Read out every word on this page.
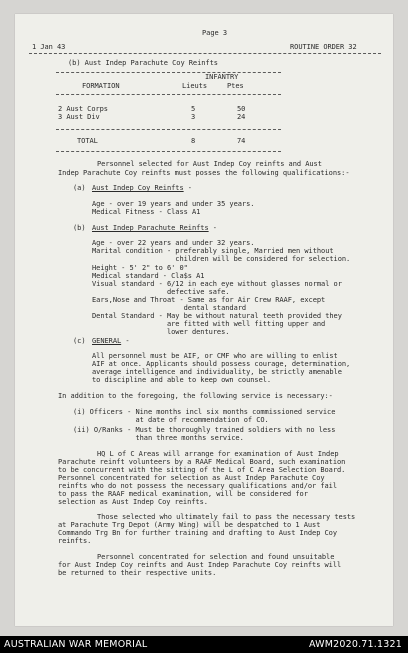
Page 3
1 Jan 43	ROUTINE ORDER 32
(b) Aust Indep Parachute Coy Reinfts
INFANTRY
FORMATION	Lieuts	Ptes
2 Aust Corps	5	50
3 Aust Div	3	24
TOTAL	8	74
Personnel selected for Aust Indep Coy reinfts and Aust
Indep Parachute Coy reinfts must posses the following qualifications:-
(a) Aust Indep Coy Reinfts -
Age - over 19 years and under 35 years.
Medical Fitness - Class A1
(b) Aust Indep Parachute Reinfts -
Age - over 22 years and under 32 years.
Marital condition - preferably single, Married men without
children will be considered for selection.
Height - 5' 2" to 6' 0"
Medical standard - Cla$s A1
Visual standard - 6/12 in each eye without glasses normal or
defective safe.
Ears,Nose and Throat - Same as for Air Crew RAAF, except
dental standard
Dental Standard - May be without natural teeth provided they
are fitted with well fitting upper and
lower dentures.
(c) GENERAL -
All personnel must be AIF, or CMF who are willing to enlist
AIF at once. Applicants should possess courage, determination,
average intelligence and individuality, be strictly amenable
to discipline and able to keep own counsel.
In addition to the foregoing, the following service is necessary:-
(i) Officers - Nine months incl six months commissioned service
at date of recommendation of CO.
(ii) O/Ranks - Must be thoroughly trained soldiers with no less
than three months service.
HQ L of C Areas will arrange for examination of Aust Indep
Parachute reinft volunteers by a RAAF Medical Board, such examination
to be concurrent with the sitting of the L of C Area Selection Board.
Personnel concentrated for selection as Aust Indep Parachute Coy
reinfts who do not possess the necessary qualifications and/or fail
to pass the RAAF medical examination, will be considered for
selection as Aust Indep Coy reinfts.
Those selected who ultimately fail to pass the necessary tests
at Parachute Trg Depot (Army Wing) will be despatched to 1 Aust
Commando Trg Bn for further training and drafting to Aust Indep Coy
reinfts.
Personnel concentrated for selection and found unsuitable
for Aust Indep Coy reinfts and Aust Indep Parachute Coy reinfts will
be returned to their respective units.
AUSTRALIAN WAR MEMORIAL	AWM2020.71.1321
